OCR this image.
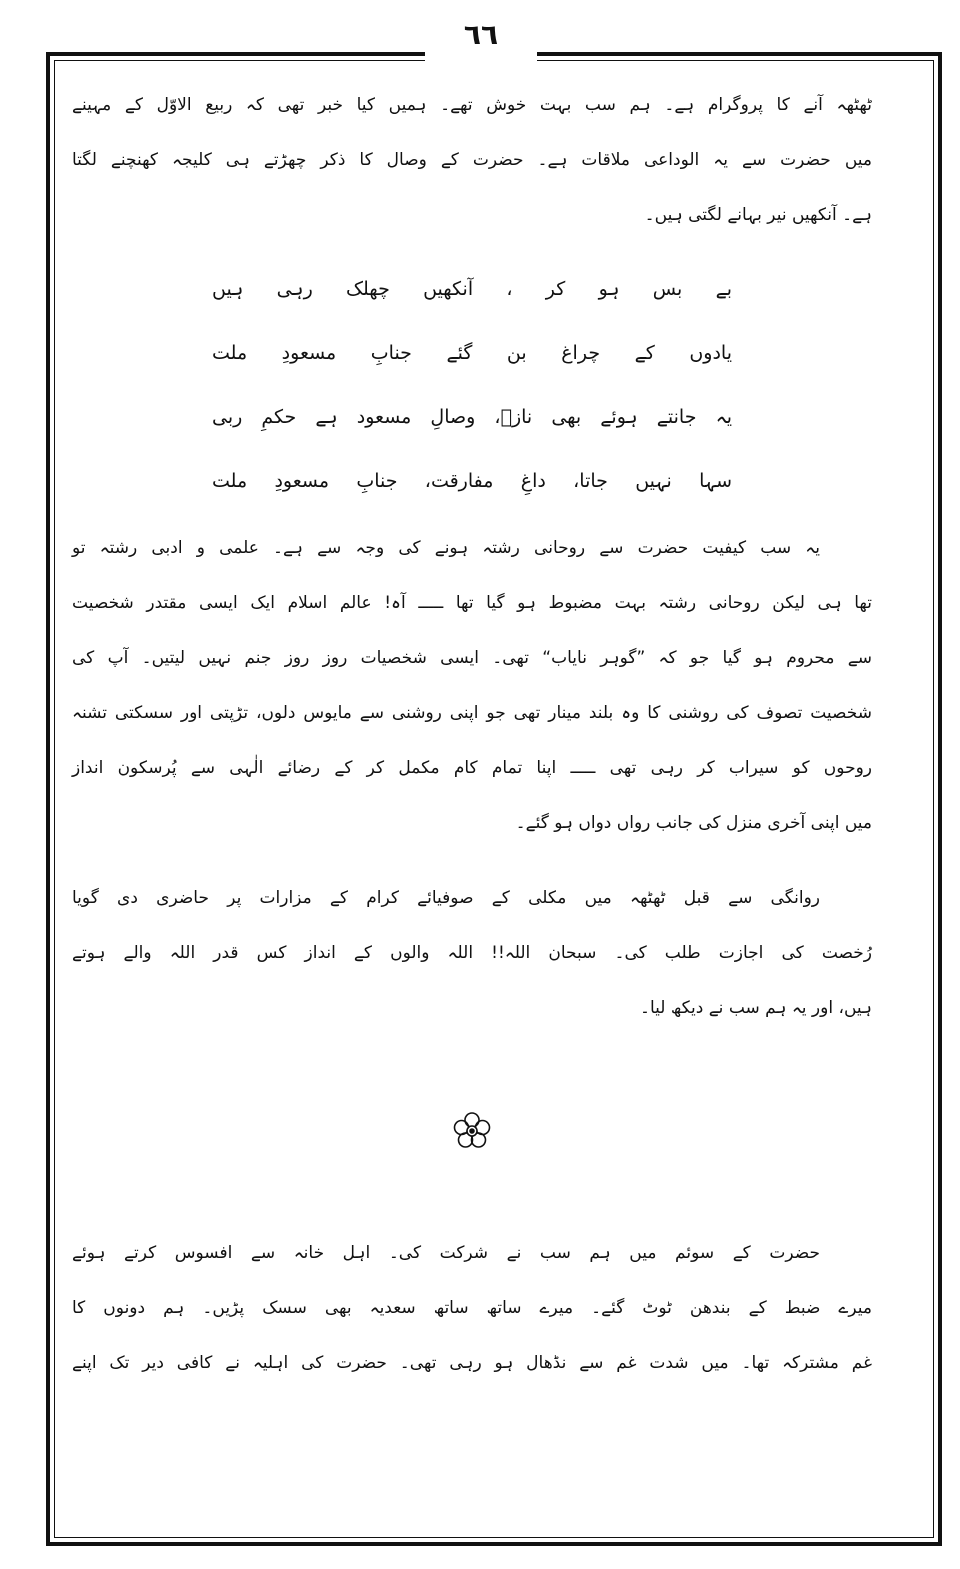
٦٦
ٹھٹھہ آنے کا پروگرام ہے۔ ہم سب بہت خوش تھے۔ ہمیں کیا خبر تھی کہ ربیع الاوّل کے مہینے
میں حضرت سے یہ الوداعی ملاقات ہے۔ حضرت کے وصال کا ذکر چھڑتے ہی کلیجہ کھنچنے لگتا
ہے۔ آنکھیں نیر بہانے لگتی ہیں۔
بے بس ہو کر ، آنکھیں چھلک رہی ہیں
یادوں کے چراغ بن گئے جنابِ مسعودِ ملت
یہ جانتے ہوئے بھی نازؔ، وصالِ مسعود ہے حکمِ ربی
سہا نہیں جاتا، داغِ مفارقت، جنابِ مسعودِ ملت
یہ سب کیفیت حضرت سے روحانی رشتہ ہونے کی وجہ سے ہے۔ علمی و ادبی رشتہ تو
تھا ہی لیکن روحانی رشتہ بہت مضبوط ہو گیا تھا ـــــ آہ! عالم اسلام ایک ایسی مقتدر شخصیت
سے محروم ہو گیا جو کہ ”گوہر نایاب“ تھی۔ ایسی شخصیات روز روز جنم نہیں لیتیں۔ آپ کی
شخصیت تصوف کی روشنی کا وہ بلند مینار تھی جو اپنی روشنی سے مایوس دلوں، تڑپتی اور سسکتی تشنہ
روحوں کو سیراب کر رہی تھی ـــــ اپنا تمام کام مکمل کر کے رضائے الٰہی سے پُرسکون انداز
میں اپنی آخری منزل کی جانب رواں دواں ہو گئے۔
روانگی سے قبل ٹھٹھہ میں مکلی کے صوفیائے کرام کے مزارات پر حاضری دی گویا
رُخصت کی اجازت طلب کی۔ سبحان اللہ!! اللہ والوں کے انداز کس قدر اللہ والے ہوتے
ہیں، اور یہ ہم سب نے دیکھ لیا۔
حضرت کے سوئم میں ہم سب نے شرکت کی۔ اہل خانہ سے افسوس کرتے ہوئے
میرے ضبط کے بندھن ٹوٹ گئے۔ میرے ساتھ ساتھ سعدیہ بھی سسک پڑیں۔ ہم دونوں کا
غم مشترکہ تھا۔ میں شدت غم سے نڈھال ہو رہی تھی۔ حضرت کی اہلیہ نے کافی دیر تک اپنے
